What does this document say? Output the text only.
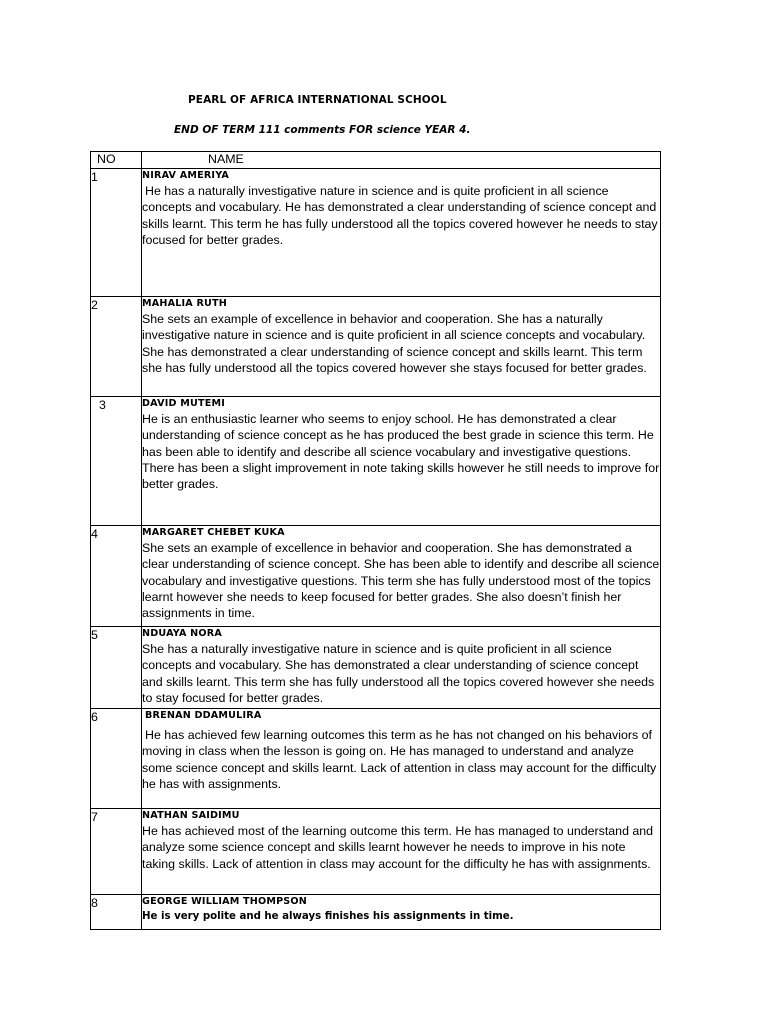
PEARL OF AFRICA INTERNATIONAL SCHOOL
END OF TERM 111 comments FOR science YEAR 4.
NO	NAME
1	NIRAV AMERIYA
He has a naturally investigative nature in science and is quite proficient in all science concepts and vocabulary. He has demonstrated a clear understanding of science concept and skills learnt. This term he has fully understood all the topics covered however he needs to stay focused for better grades.

2	MAHALIA RUTH
She sets an example of excellence in behavior and cooperation. She has a naturally investigative nature in science and is quite proficient in all science concepts and vocabulary. She has demonstrated a clear understanding of science concept and skills learnt. This term she has fully understood all the topics covered however she stays focused for better grades.

3	DAVID MUTEMI
He is an enthusiastic learner who seems to enjoy school. He has demonstrated a clear understanding of science concept as he has produced the best grade in science this term. He has been able to identify and describe all science vocabulary and investigative questions. There has been a slight improvement in note taking skills however he still needs to improve for better grades.

4	MARGARET CHEBET KUKA
She sets an example of excellence in behavior and cooperation. She has demonstrated a clear understanding of science concept. She has been able to identify and describe all science vocabulary and investigative questions. This term she has fully understood most of the topics learnt however she needs to keep focused for better grades. She also doesn’t finish her assignments in time.

5	NDUAYA NORA
She has a naturally investigative nature in science and is quite proficient in all science concepts and vocabulary. She has demonstrated a clear understanding of science concept and skills learnt. This term she has fully understood all the topics covered however she needs to stay focused for better grades.

6	BRENAN DDAMULIRA
He has achieved few learning outcomes this term as he has not changed on his behaviors of moving in class when the lesson is going on. He has managed to understand and analyze some science concept and skills learnt. Lack of attention in class may account for the difficulty he has with assignments.

7	NATHAN SAIDIMU
He has achieved most of the learning outcome this term. He has managed to understand and analyze some science concept and skills learnt however he needs to improve in his note taking skills. Lack of attention in class may account for the difficulty he has with assignments.

8	GEORGE WILLIAM THOMPSON
He is very polite and he always finishes his assignments in time.
